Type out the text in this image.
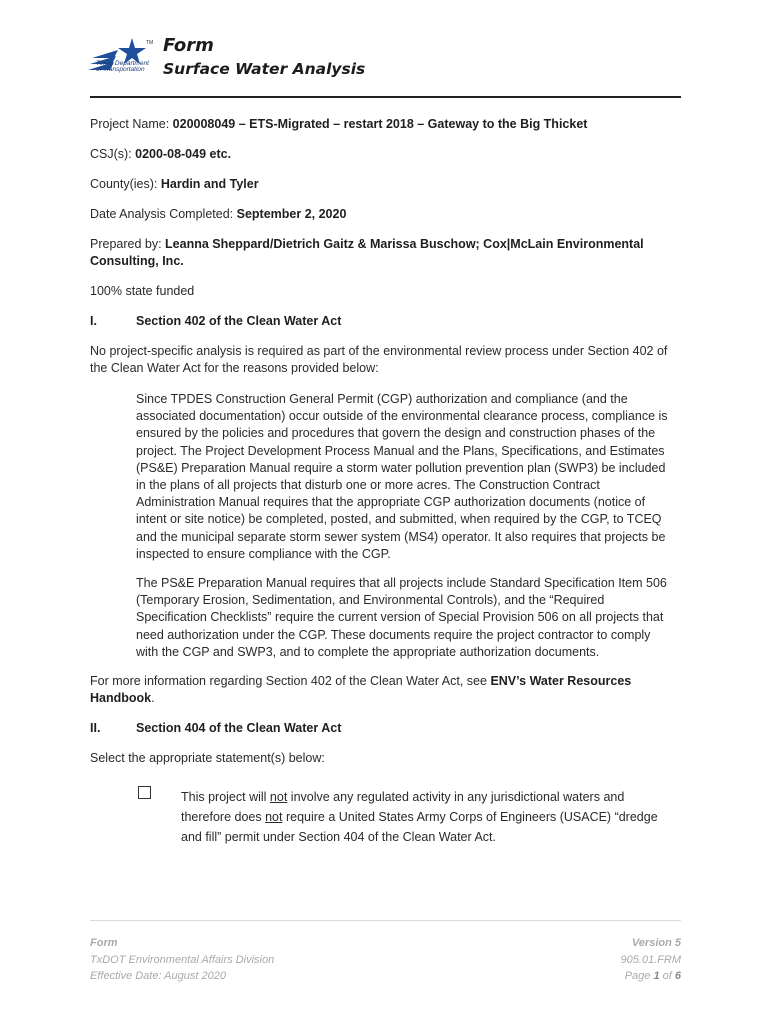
Texas Department of Transportation
TM Form
Surface Water Analysis
Project Name: 020008049 – ETS-Migrated – restart 2018 – Gateway to the Big Thicket
CSJ(s): 0200-08-049 etc.
County(ies): Hardin and Tyler
Date Analysis Completed: September 2, 2020
Prepared by: Leanna Sheppard/Dietrich Gaitz & Marissa Buschow; Cox|McLain Environmental Consulting, Inc.
100% state funded
I.	Section 402 of the Clean Water Act
No project-specific analysis is required as part of the environmental review process under Section 402 of the Clean Water Act for the reasons provided below:
Since TPDES Construction General Permit (CGP) authorization and compliance (and the associated documentation) occur outside of the environmental clearance process, compliance is ensured by the policies and procedures that govern the design and construction phases of the project. The Project Development Process Manual and the Plans, Specifications, and Estimates (PS&E) Preparation Manual require a storm water pollution prevention plan (SWP3) be included in the plans of all projects that disturb one or more acres. The Construction Contract Administration Manual requires that the appropriate CGP authorization documents (notice of intent or site notice) be completed, posted, and submitted, when required by the CGP, to TCEQ and the municipal separate storm sewer system (MS4) operator. It also requires that projects be inspected to ensure compliance with the CGP.
The PS&E Preparation Manual requires that all projects include Standard Specification Item 506 (Temporary Erosion, Sedimentation, and Environmental Controls), and the “Required Specification Checklists” require the current version of Special Provision 506 on all projects that need authorization under the CGP. These documents require the project contractor to comply with the CGP and SWP3, and to complete the appropriate authorization documents.
For more information regarding Section 402 of the Clean Water Act, see ENV’s Water Resources Handbook.
II.	Section 404 of the Clean Water Act
Select the appropriate statement(s) below:
This project will not involve any regulated activity in any jurisdictional waters and therefore does not require a United States Army Corps of Engineers (USACE) “dredge and fill” permit under Section 404 of the Clean Water Act.
Form
TxDOT Environmental Affairs Division
Effective Date: August 2020
Version 5
905.01.FRM
Page 1 of 6
